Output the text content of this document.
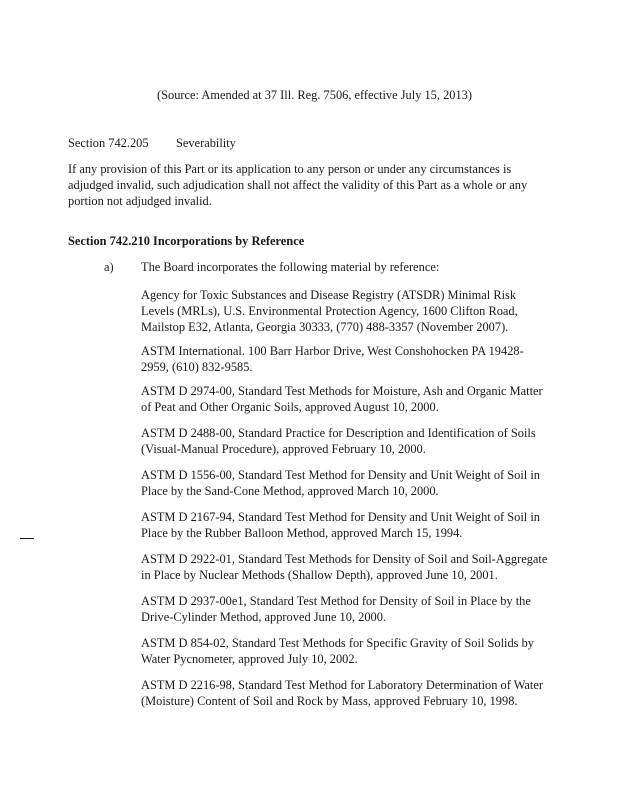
(Source: Amended at 37 Ill. Reg. 7506, effective July 15, 2013)
Section 742.205 Severability
If any provision of this Part or its application to any person or under any circumstances is
adjudged invalid, such adjudication shall not affect the validity of this Part as a whole or any
portion not adjudged invalid.
Section 742.210 Incorporations by Reference
a) The Board incorporates the following material by reference:
Agency for Toxic Substances and Disease Registry (ATSDR) Minimal Risk
Levels (MRLs), U.S. Environmental Protection Agency, 1600 Clifton Road,
Mailstop E32, Atlanta, Georgia 30333, (770) 488-3357 (November 2007).
ASTM International. 100 Barr Harbor Drive, West Conshohocken PA 19428-
2959, (610) 832-9585.
ASTM D 2974-00, Standard Test Methods for Moisture, Ash and Organic Matter
of Peat and Other Organic Soils, approved August 10, 2000.
ASTM D 2488-00, Standard Practice for Description and Identification of Soils
(Visual-Manual Procedure), approved February 10, 2000.
ASTM D 1556-00, Standard Test Method for Density and Unit Weight of Soil in
Place by the Sand-Cone Method, approved March 10, 2000.
ASTM D 2167-94, Standard Test Method for Density and Unit Weight of Soil in
Place by the Rubber Balloon Method, approved March 15, 1994.
ASTM D 2922-01, Standard Test Methods for Density of Soil and Soil-Aggregate
in Place by Nuclear Methods (Shallow Depth), approved June 10, 2001.
ASTM D 2937-00e1, Standard Test Method for Density of Soil in Place by the
Drive-Cylinder Method, approved June 10, 2000.
ASTM D 854-02, Standard Test Methods for Specific Gravity of Soil Solids by
Water Pycnometer, approved July 10, 2002.
ASTM D 2216-98, Standard Test Method for Laboratory Determination of Water
(Moisture) Content of Soil and Rock by Mass, approved February 10, 1998.
